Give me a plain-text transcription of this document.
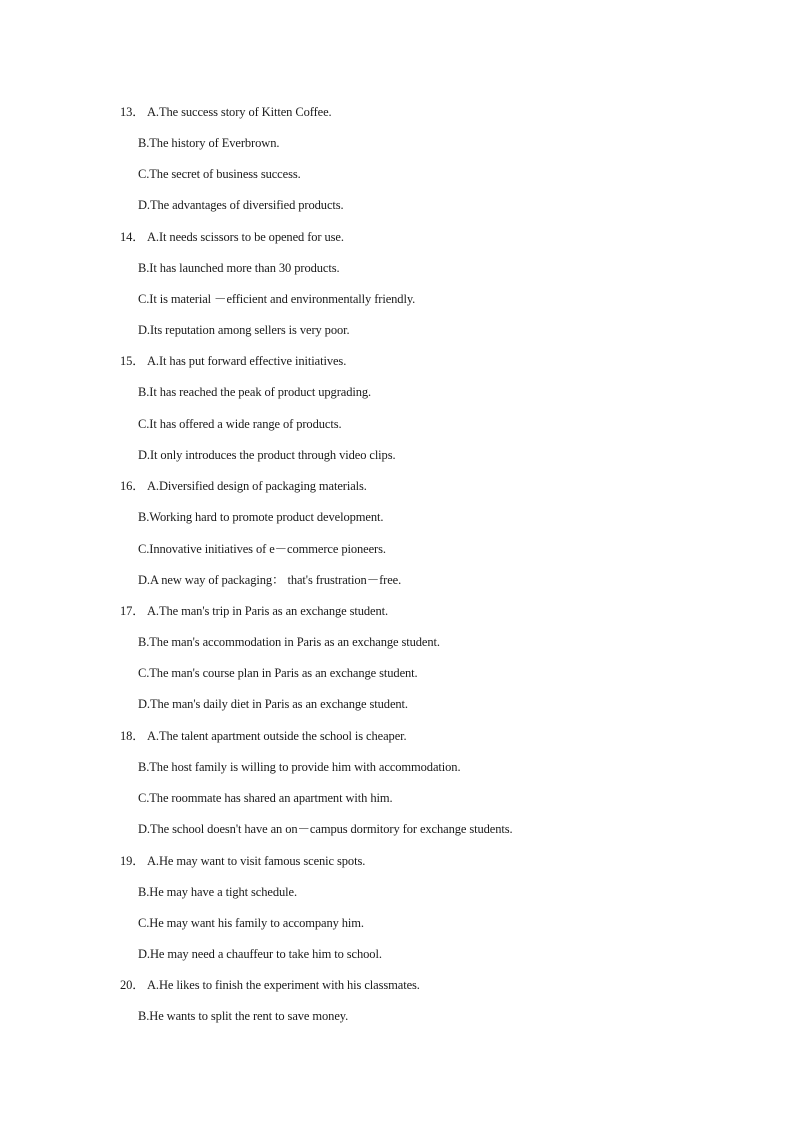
13． A.The success story of Kitten Coffee.
B.The history of Everbrown.
C.The secret of business success.
D.The advantages of diversified products.
14． A.It needs scissors to be opened for use.
B.It has launched more than 30 products.
C.It is material －efficient and environmentally friendly.
D.Its reputation among sellers is very poor.
15． A.It has put forward effective initiatives.
B.It has reached the peak of product upgrading.
C.It has offered a wide range of products.
D.It only introduces the product through video clips.
16． A.Diversified design of packaging materials.
B.Working hard to promote product development.
C.Innovative initiatives of e－commerce pioneers.
D.A new way of packaging： that's frustration－free.
17． A.The man's trip in Paris as an exchange student.
B.The man's accommodation in Paris as an exchange student.
C.The man's course plan in Paris as an exchange student.
D.The man's daily diet in Paris as an exchange student.
18． A.The talent apartment outside the school is cheaper.
B.The host family is willing to provide him with accommodation.
C.The roommate has shared an apartment with him.
D.The school doesn't have an on－campus dormitory for exchange students.
19． A.He may want to visit famous scenic spots.
B.He may have a tight schedule.
C.He may want his family to accompany him.
D.He may need a chauffeur to take him to school.
20． A.He likes to finish the experiment with his classmates.
B.He wants to split the rent to save money.
